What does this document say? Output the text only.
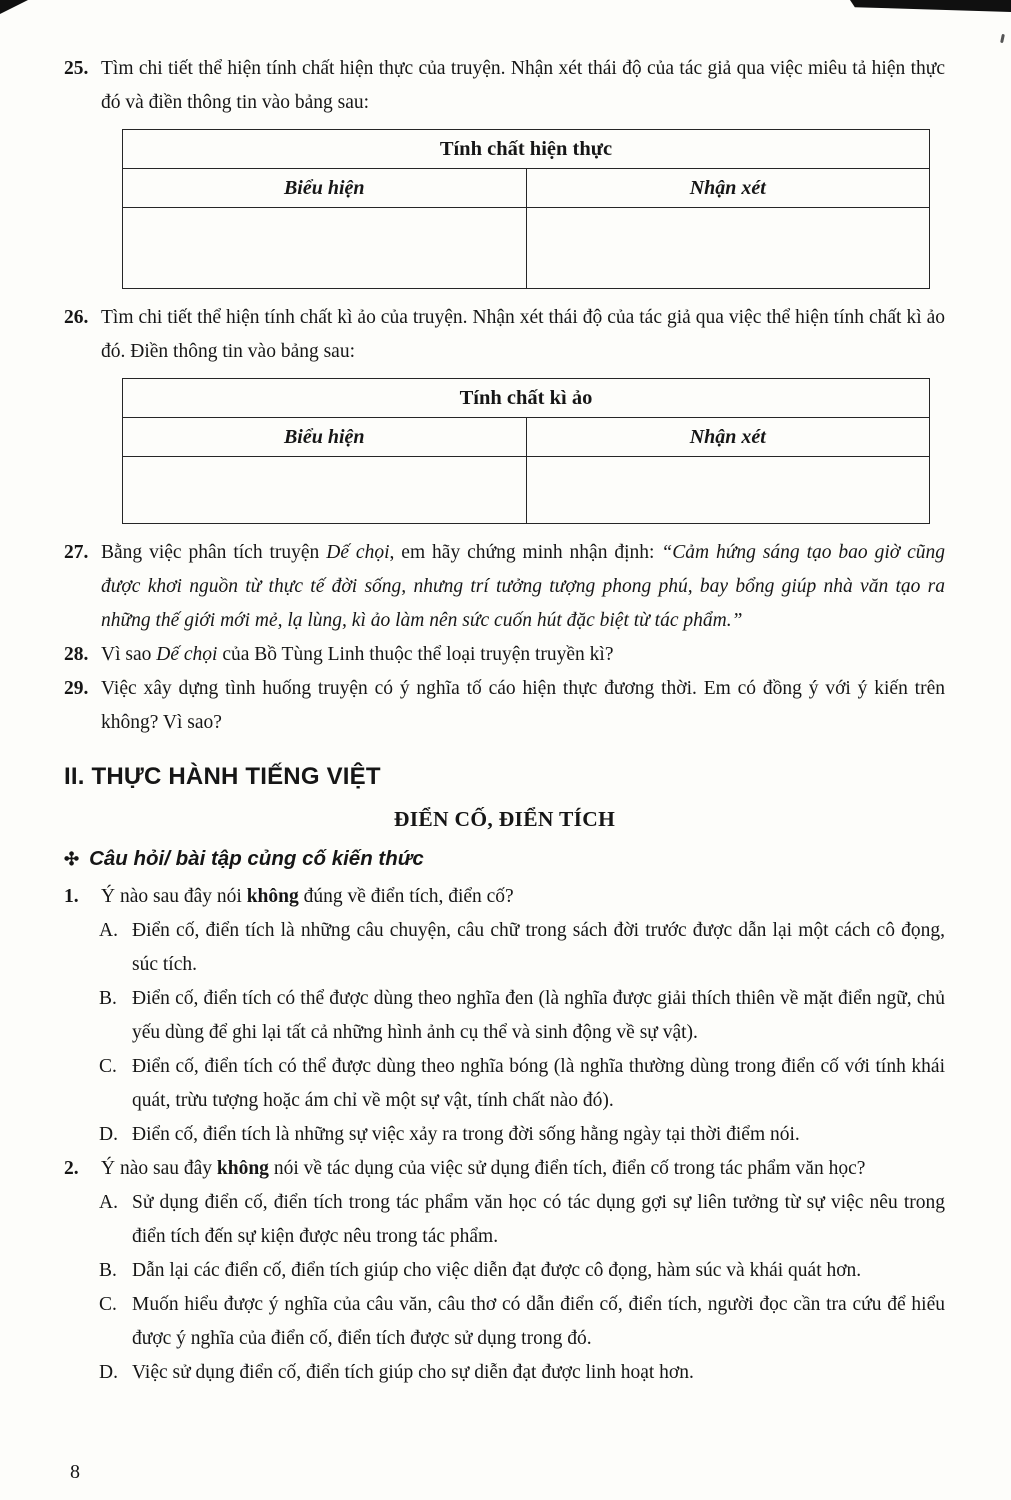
25. Tìm chi tiết thể hiện tính chất hiện thực của truyện. Nhận xét thái độ của tác giả qua việc miêu tả hiện thực đó và điền thông tin vào bảng sau:
Tính chất hiện thực	
Biểu hiện	Nhận xét

26. Tìm chi tiết thể hiện tính chất kì ảo của truyện. Nhận xét thái độ của tác giả qua việc thể hiện tính chất kì ảo đó. Điền thông tin vào bảng sau:
Tính chất kì ảo	
Biểu hiện	Nhận xét

27. Bằng việc phân tích truyện Dế chọi, em hãy chứng minh nhận định: “Cảm hứng sáng tạo bao giờ cũng được khơi nguồn từ thực tế đời sống, nhưng trí tưởng tượng phong phú, bay bổng giúp nhà văn tạo ra những thế giới mới mẻ, lạ lùng, kì ảo làm nên sức cuốn hút đặc biệt từ tác phẩm.”
28. Vì sao Dế chọi của Bồ Tùng Linh thuộc thể loại truyện truyền kì?
29. Việc xây dựng tình huống truyện có ý nghĩa tố cáo hiện thực đương thời. Em có đồng ý với ý kiến trên không? Vì sao?
II. THỰC HÀNH TIẾNG VIỆT
ĐIỂN CỐ, ĐIỂN TÍCH
✣ Câu hỏi/ bài tập củng cố kiến thức
1.	Ý nào sau đây nói không đúng về điển tích, điển cố?
A. Điển cố, điển tích là những câu chuyện, câu chữ trong sách đời trước được dẫn lại một cách cô đọng, súc tích.
B. Điển cố, điển tích có thể được dùng theo nghĩa đen (là nghĩa được giải thích thiên về mặt điển ngữ, chủ yếu dùng để ghi lại tất cả những hình ảnh cụ thể và sinh động về sự vật).
C. Điển cố, điển tích có thể được dùng theo nghĩa bóng (là nghĩa thường dùng trong điển cố với tính khái quát, trừu tượng hoặc ám chỉ về một sự vật, tính chất nào đó).
D. Điển cố, điển tích là những sự việc xảy ra trong đời sống hằng ngày tại thời điểm nói.
2.	Ý nào sau đây không nói về tác dụng của việc sử dụng điển tích, điển cố trong tác phẩm văn học?
A. Sử dụng điển cố, điển tích trong tác phẩm văn học có tác dụng gợi sự liên tưởng từ sự việc nêu trong điển tích đến sự kiện được nêu trong tác phẩm.
B. Dẫn lại các điển cố, điển tích giúp cho việc diễn đạt được cô đọng, hàm súc và khái quát hơn.
C. Muốn hiểu được ý nghĩa của câu văn, câu thơ có dẫn điển cố, điển tích, người đọc cần tra cứu để hiểu được ý nghĩa của điển cố, điển tích được sử dụng trong đó.
D. Việc sử dụng điển cố, điển tích giúp cho sự diễn đạt được linh hoạt hơn.
8
